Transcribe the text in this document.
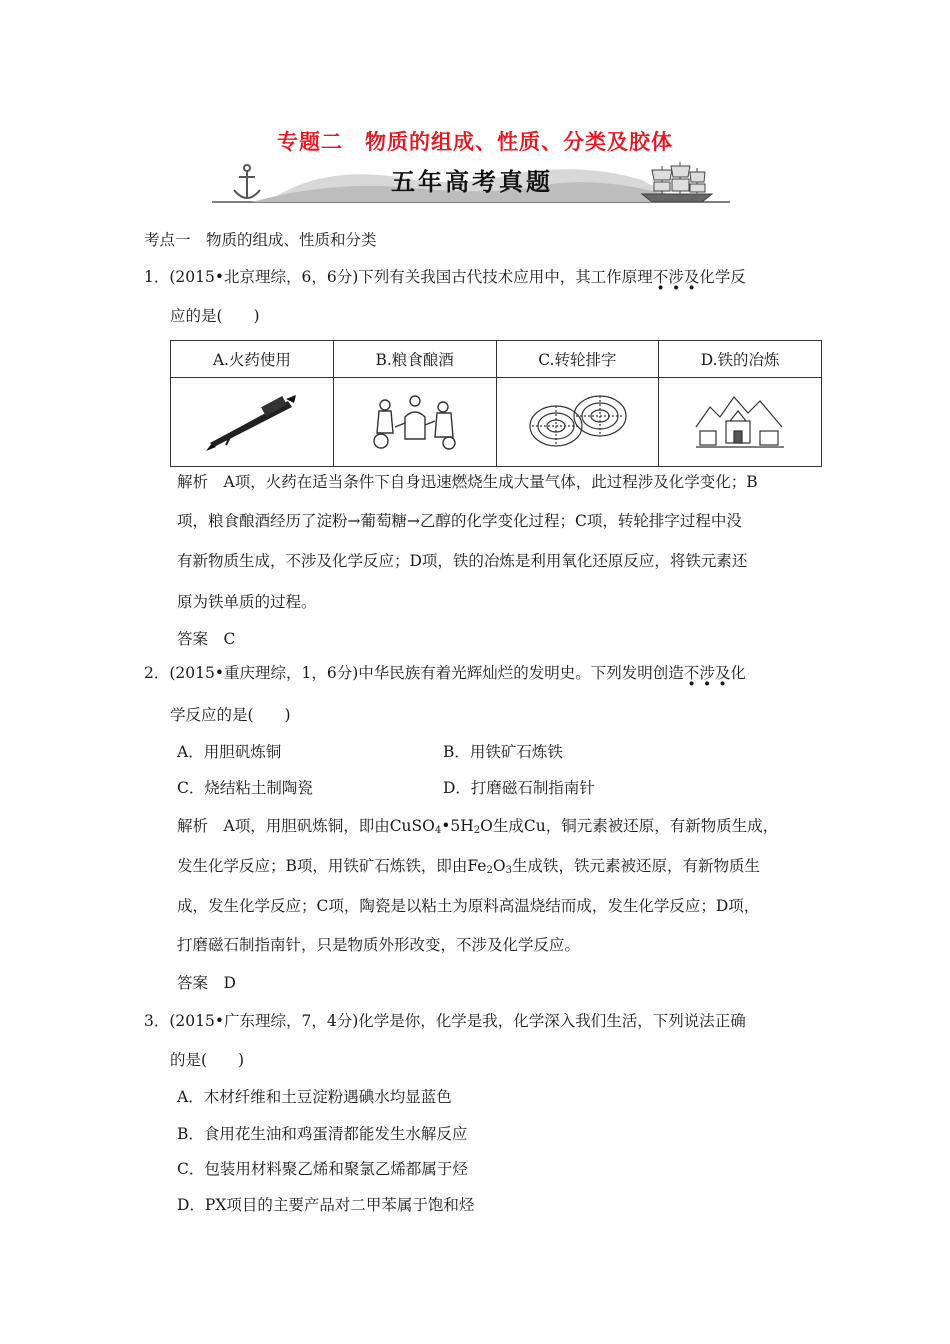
专题二　物质的组成、性质、分类及胶体
五年高考真题
考点一　物质的组成、性质和分类
1．(2015•北京理综，6，6分)下列有关我国古代技术应用中，其工作原理不涉及化学反
应的是(　　)
A.火药使用	B.粮食酿酒	C.转轮排字	D.铁的冶炼

解析　A项，火药在适当条件下自身迅速燃烧生成大量气体，此过程涉及化学变化；B
项，粮食酿酒经历了淀粉→葡萄糖→乙醇的化学变化过程；C项，转轮排字过程中没
有新物质生成，不涉及化学反应；D项，铁的冶炼是利用氧化还原反应，将铁元素还
原为铁单质的过程。
答案　C
2．(2015•重庆理综，1，6分)中华民族有着光辉灿烂的发明史。下列发明创造不涉及化
学反应的是(　　)
A．用胆矾炼铜	B．用铁矿石炼铁
C．烧结粘土制陶瓷	D．打磨磁石制指南针
解析　A项，用胆矾炼铜，即由$CuSO_4•5H_2O$生成Cu，铜元素被还原，有新物质生成，
发生化学反应；B项，用铁矿石炼铁，即由$Fe_2O_3$生成铁，铁元素被还原，有新物质生
成，发生化学反应；C项，陶瓷是以粘土为原料高温烧结而成，发生化学反应；D项，
打磨磁石制指南针，只是物质外形改变，不涉及化学反应。
答案　D
3．(2015•广东理综，7，4分)化学是你，化学是我，化学深入我们生活，下列说法正确
的是(　　)
A．木材纤维和土豆淀粉遇碘水均显蓝色
B．食用花生油和鸡蛋清都能发生水解反应
C．包装用材料聚乙烯和聚氯乙烯都属于烃
D．PX项目的主要产品对二甲苯属于饱和烃
